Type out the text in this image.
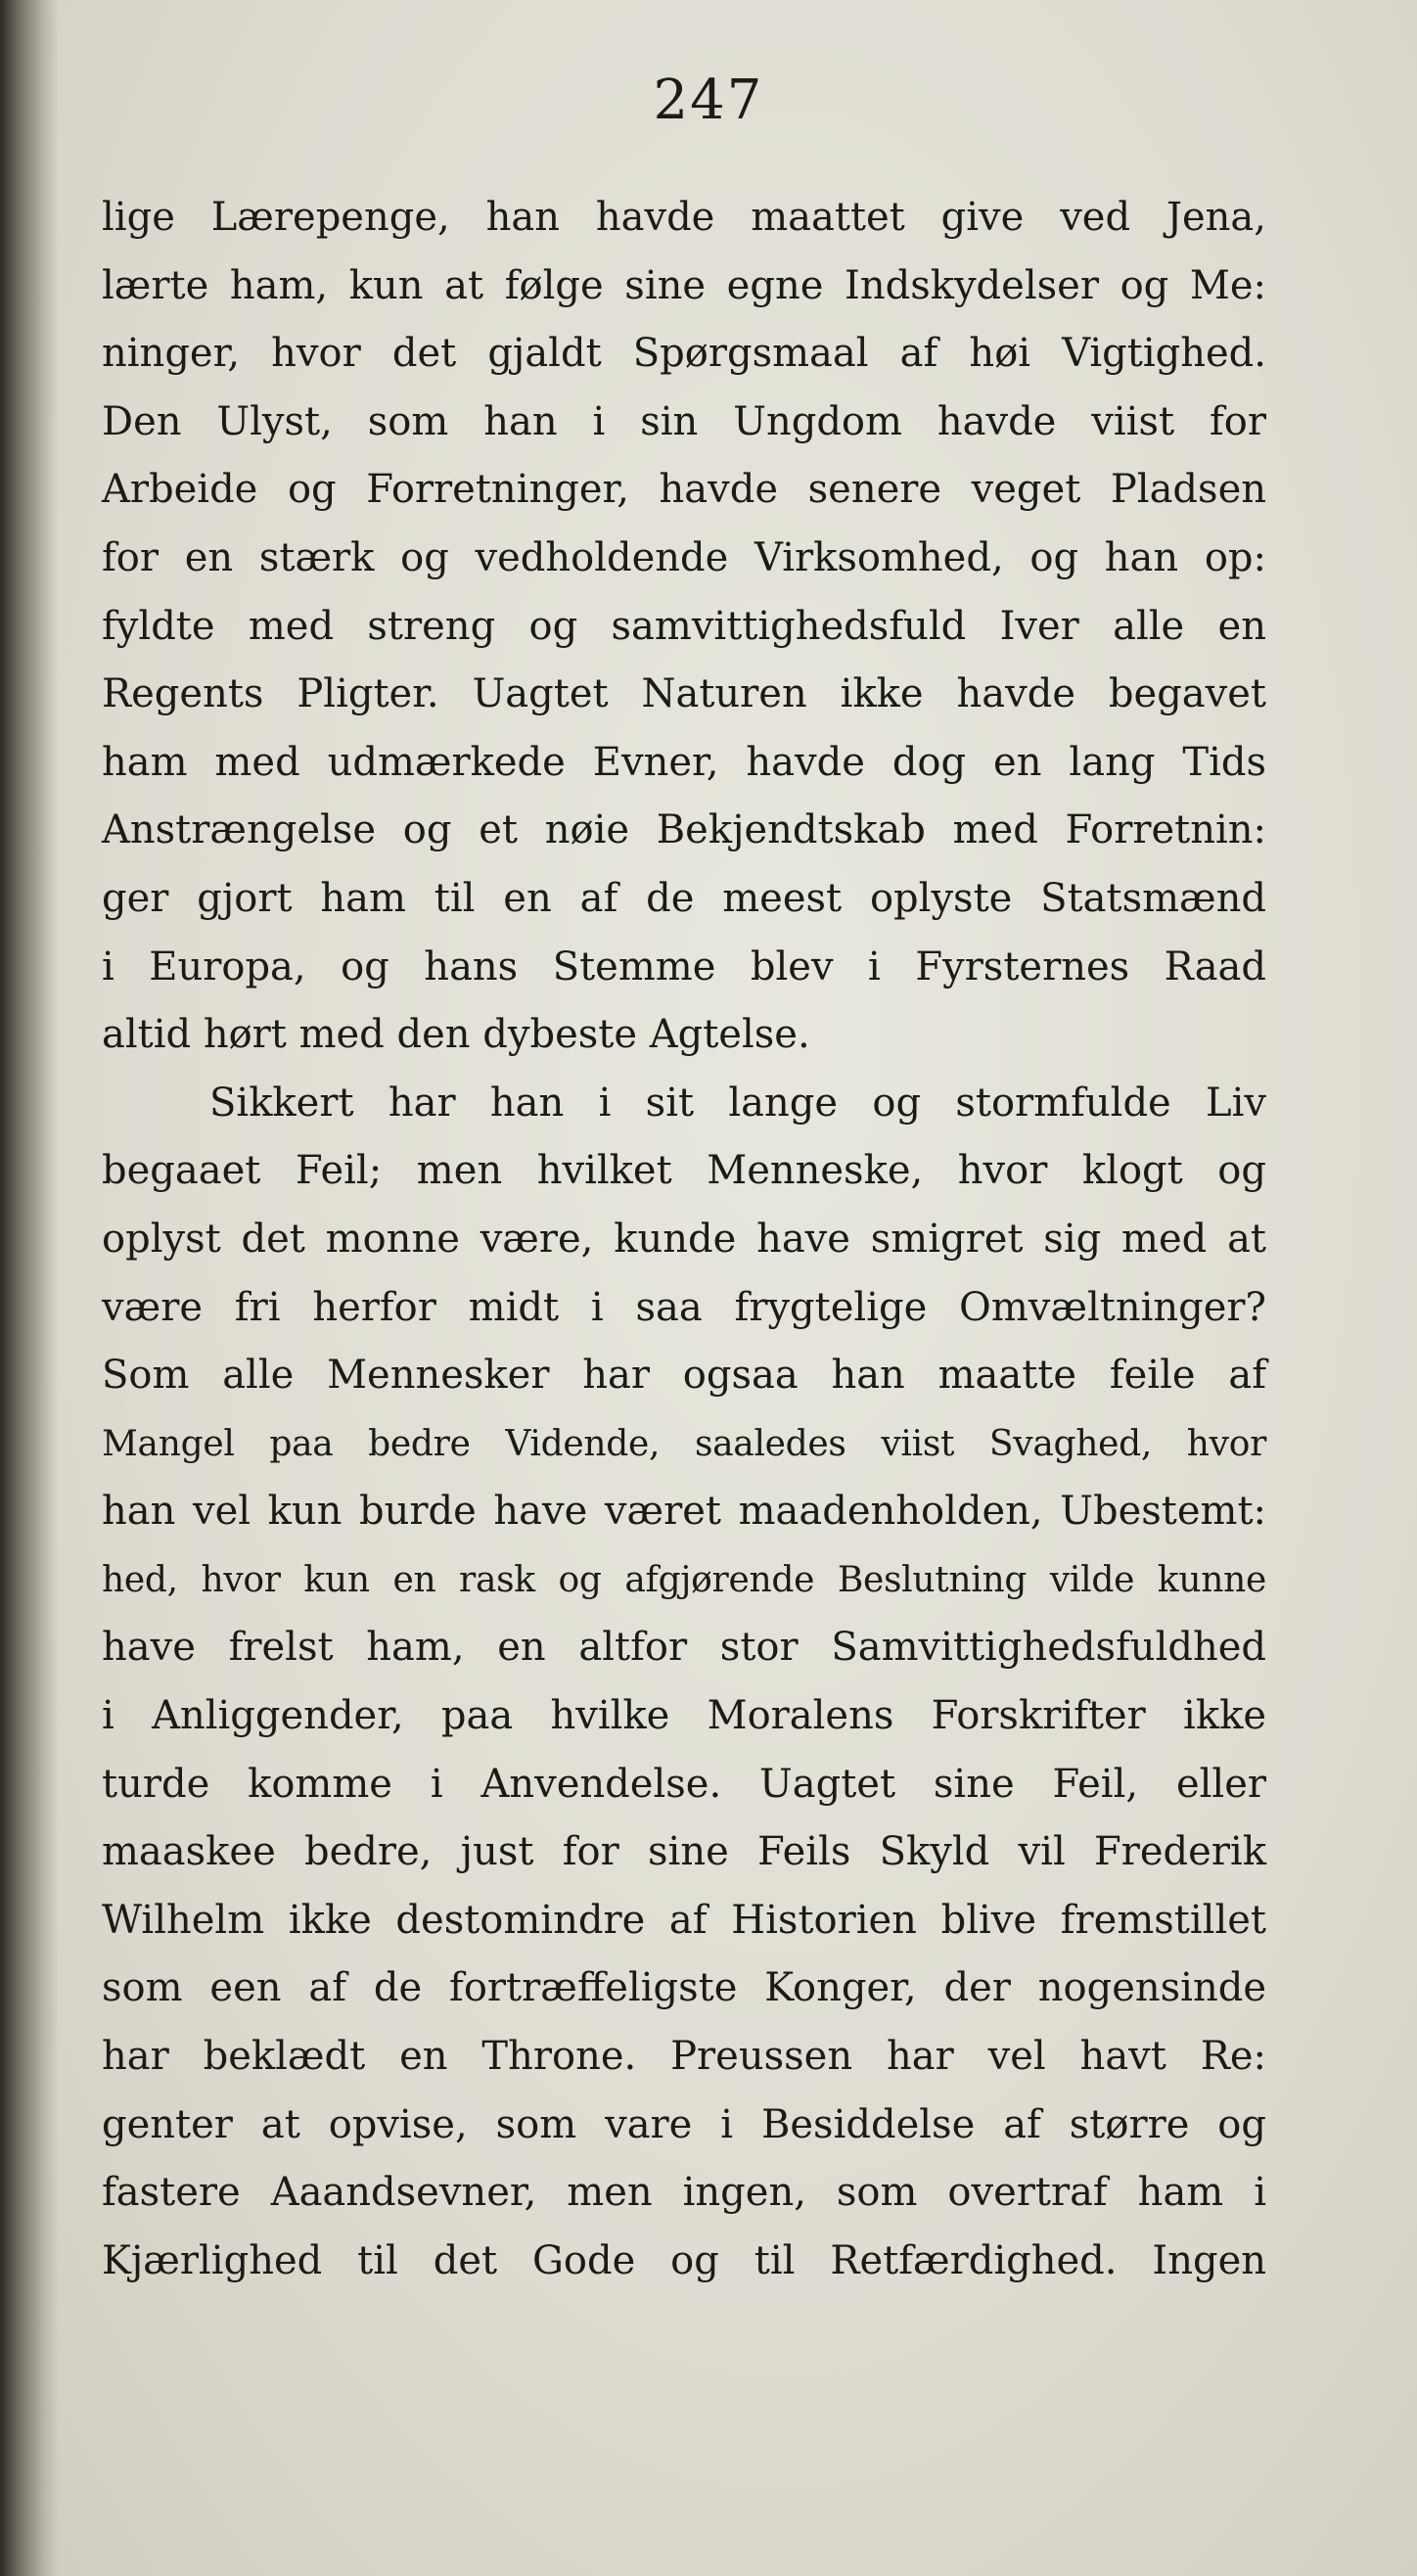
247
lige Lærepenge, han havde maattet give ved Jena,
lærte ham, kun at følge sine egne Indskydelser og Me:
ninger, hvor det gjaldt Spørgsmaal af høi Vigtighed.
Den Ulyst, som han i sin Ungdom havde viist for
Arbeide og Forretninger, havde senere veget Pladsen
for en stærk og vedholdende Virksomhed, og han op:
fyldte med streng og samvittighedsfuld Iver alle en
Regents Pligter. Uagtet Naturen ikke havde begavet
ham med udmærkede Evner, havde dog en lang Tids
Anstrængelse og et nøie Bekjendtskab med Forretnin:
ger gjort ham til en af de meest oplyste Statsmænd
i Europa, og hans Stemme blev i Fyrsternes Raad
altid hørt med den dybeste Agtelse.
Sikkert har han i sit lange og stormfulde Liv
begaaet Feil; men hvilket Menneske, hvor klogt og
oplyst det monne være, kunde have smigret sig med at
være fri herfor midt i saa frygtelige Omvæltninger?
Som alle Mennesker har ogsaa han maatte feile af
Mangel paa bedre Vidende, saaledes viist Svaghed, hvor
han vel kun burde have været maadenholden, Ubestemt:
hed, hvor kun en rask og afgjørende Beslutning vilde kunne
have frelst ham, en altfor stor Samvittighedsfuldhed
i Anliggender, paa hvilke Moralens Forskrifter ikke
turde komme i Anvendelse. Uagtet sine Feil, eller
maaskee bedre, just for sine Feils Skyld vil Frederik
Wilhelm ikke destomindre af Historien blive fremstillet
som een af de fortræffeligste Konger, der nogensinde
har beklædt en Throne. Preussen har vel havt Re:
genter at opvise, som vare i Besiddelse af større og
fastere Aaandsevner, men ingen, som overtraf ham i
Kjærlighed til det Gode og til Retfærdighed. Ingen
